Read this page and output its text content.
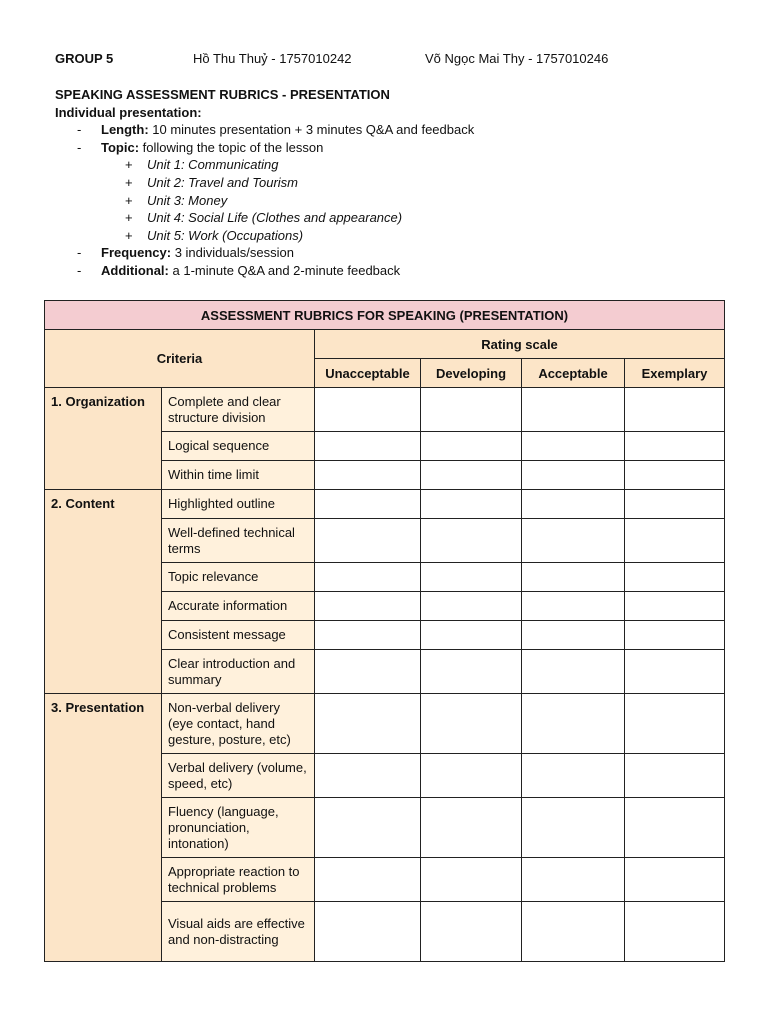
GROUP 5	Hồ Thu Thuỷ - 1757010242	Võ Ngọc Mai Thy - 1757010246
SPEAKING ASSESSMENT RUBRICS - PRESENTATION
Individual presentation:
- Length: 10 minutes presentation + 3 minutes Q&A and feedback
- Topic: following the topic of the lesson
+ Unit 1: Communicating
+ Unit 2: Travel and Tourism
+ Unit 3: Money
+ Unit 4: Social Life (Clothes and appearance)
+ Unit 5: Work (Occupations)
- Frequency: 3 individuals/session
- Additional: a 1-minute Q&A and 2-minute feedback
ASSESSMENT RUBRICS FOR SPEAKING (PRESENTATION)					
Criteria		Rating scale			
		Unacceptable	Developing	Acceptable	Exemplary
1. Organization	Complete and clear structure division				
	Logical sequence				
	Within time limit				
2. Content	Highlighted outline				
	Well-defined technical terms				
	Topic relevance				
	Accurate information				
	Consistent message				
	Clear introduction and summary				
3. Presentation	Non-verbal delivery (eye contact, hand gesture, posture, etc)				
	Verbal delivery (volume, speed, etc)				
	Fluency (language, pronunciation, intonation)				
	Appropriate reaction to technical problems				
	Visual aids are effective and non-distracting				
